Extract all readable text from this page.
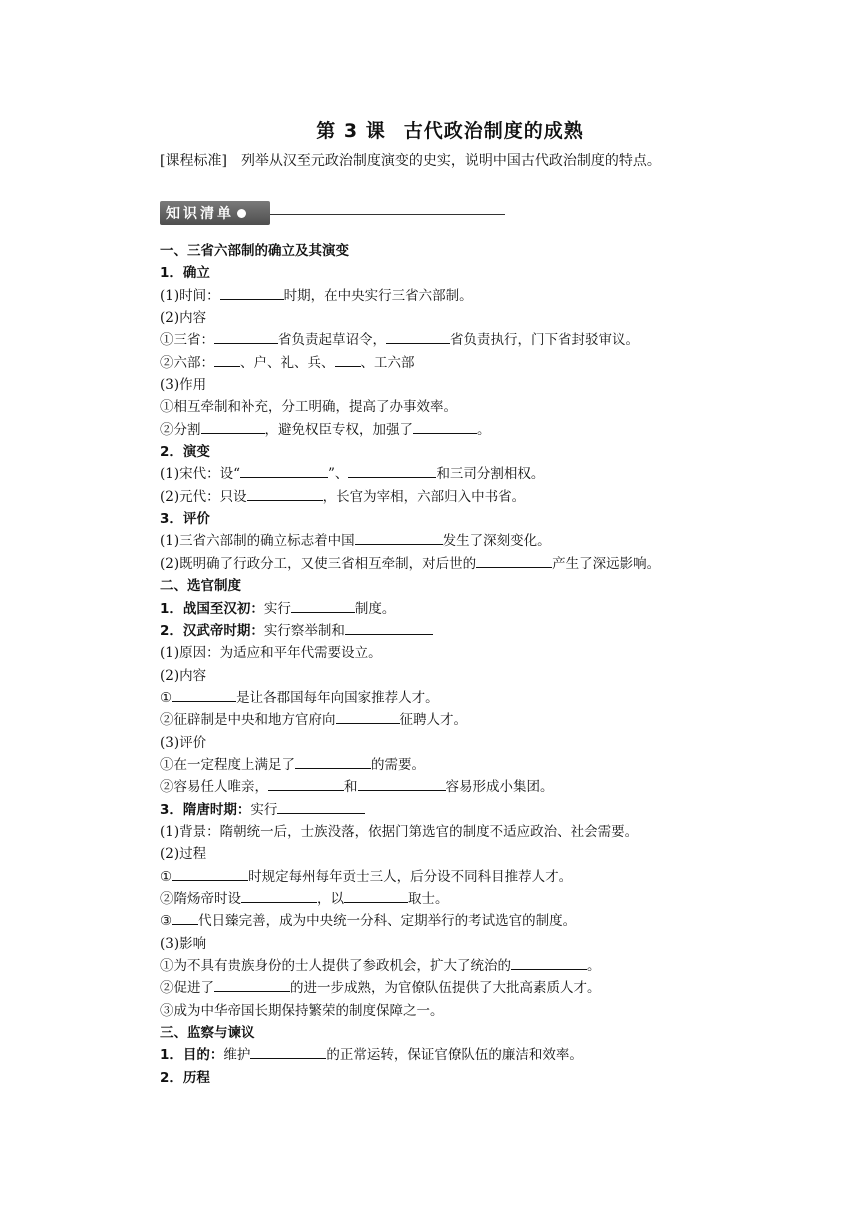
第 3 课 古代政治制度的成熟
[课程标准] 列举从汉至元政治制度演变的史实，说明中国古代政治制度的特点。
知识清单
一、三省六部制的确立及其演变
1．确立
(1)时间：	时期，在中央实行三省六部制。
(2)内容
①三省：	省负责起草诏令，	省负责执行，门下省封驳审议。
②六部： 、户、礼、兵、 、工六部
(3)作用
①相互牵制和补充，分工明确，提高了办事效率。
②分割	，避免权臣专权，加强了	。
2．演变
(1)宋代：设“	”、	和三司分割相权。
(2)元代：只设	，长官为宰相，六部归入中书省。
3．评价
(1)三省六部制的确立标志着中国	发生了深刻变化。
(2)既明确了行政分工，又使三省相互牵制，对后世的	产生了深远影响。
二、选官制度
1．战国至汉初：实行	制度。
2．汉武帝时期：实行察举制和
(1)原因：为适应和平年代需要设立。
(2)内容
①	是让各郡国每年向国家推荐人才。
②征辟制是中央和地方官府向	征聘人才。
(3)评价
①在一定程度上满足了	的需要。
②容易任人唯亲，	和	容易形成小集团。
3．隋唐时期：实行
(1)背景：隋朝统一后，士族没落，依据门第选官的制度不适应政治、社会需要。
(2)过程
①	时规定每州每年贡士三人，后分设不同科目推荐人才。
②隋炀帝时设	，以	取士。
③ 代日臻完善，成为中央统一分科、定期举行的考试选官的制度。
(3)影响
①为不具有贵族身份的士人提供了参政机会，扩大了统治的	。
②促进了	的进一步成熟，为官僚队伍提供了大批高素质人才。
③成为中华帝国长期保持繁荣的制度保障之一。
三、监察与谏议
1．目的：维护	的正常运转，保证官僚队伍的廉洁和效率。
2．历程
